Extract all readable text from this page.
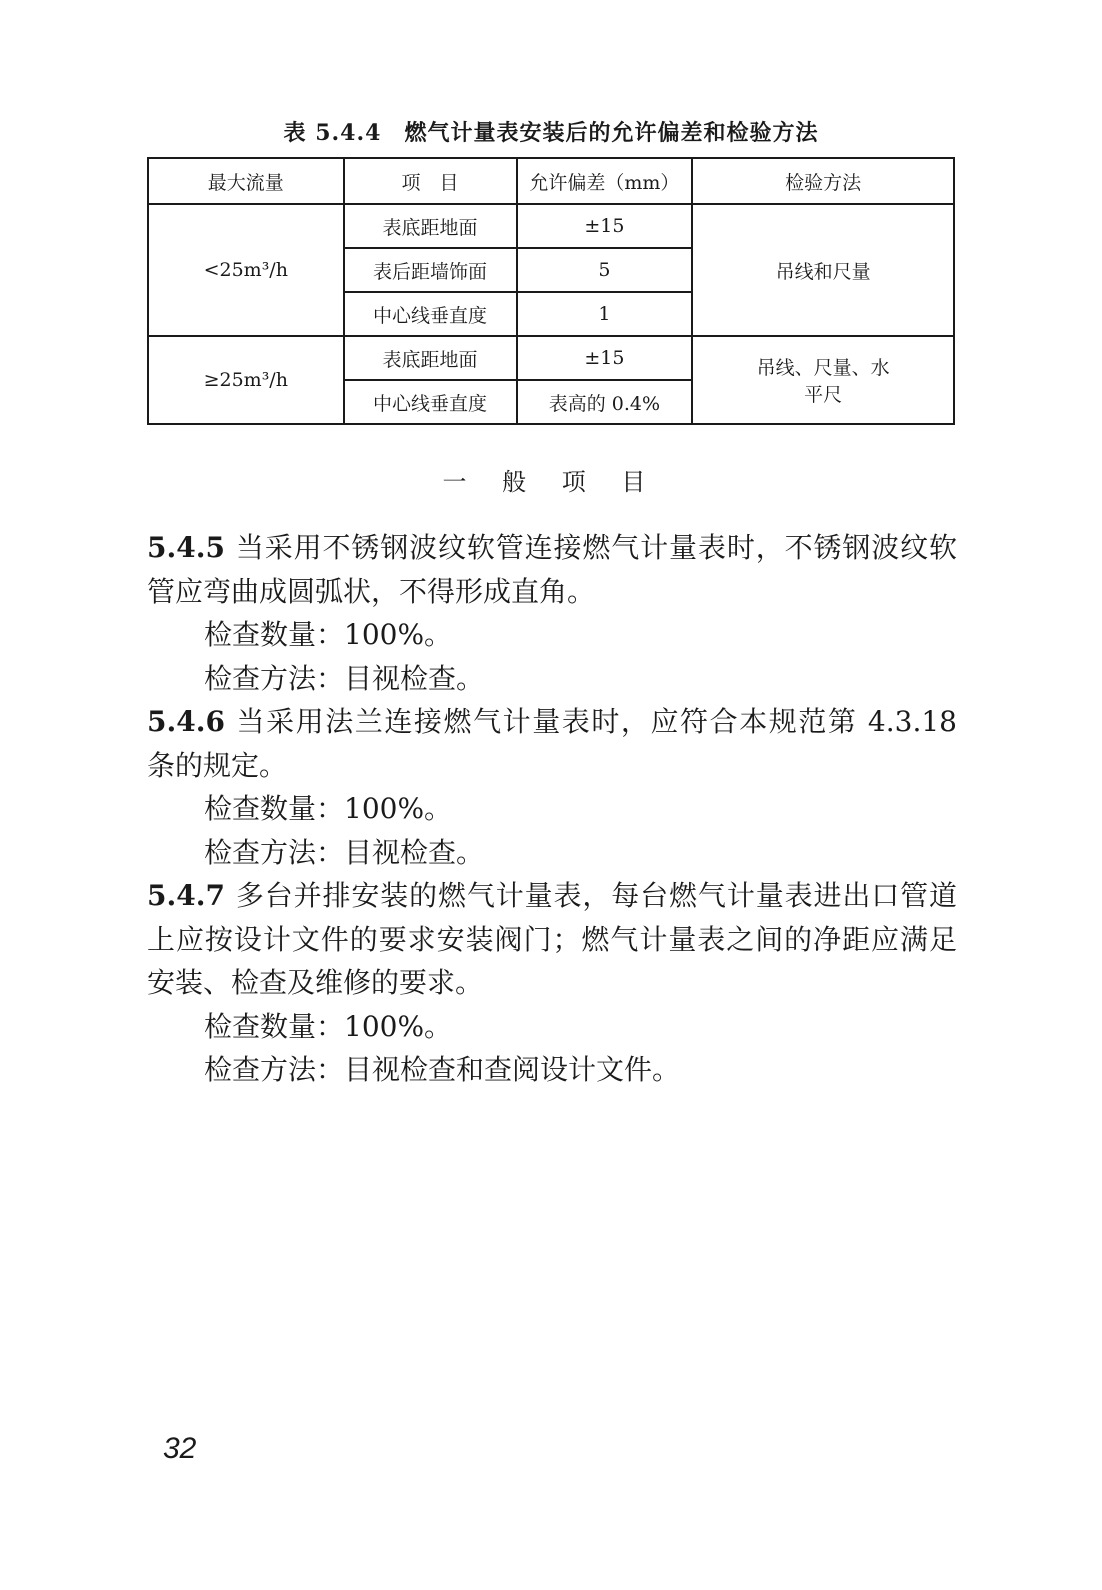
表 5.4.4　燃气计量表安装后的允许偏差和检验方法
最大流量	项　目	允许偏差（mm）	检验方法
<25m³/h	表底距地面	±15	吊线和尺量
	表后距墙饰面	5	
	中心线垂直度	1	
≥25m³/h	表底距地面	±15	吊线、尺量、水平尺
	中心线垂直度	表高的 0.4%	
一 般 项 目

5.4.5 当采用不锈钢波纹软管连接燃气计量表时，不锈钢波纹软管应弯曲成圆弧状，不得形成直角。

检查数量：100%。

检查方法：目视检查。

5.4.6 当采用法兰连接燃气计量表时，应符合本规范第 4.3.18 条的规定。

检查数量：100%。

检查方法：目视检查。

5.4.7 多台并排安装的燃气计量表，每台燃气计量表进出口管道上应按设计文件的要求安装阀门；燃气计量表之间的净距应满足安装、检查及维修的要求。

检查数量：100%。

检查方法：目视检查和查阅设计文件。

32
